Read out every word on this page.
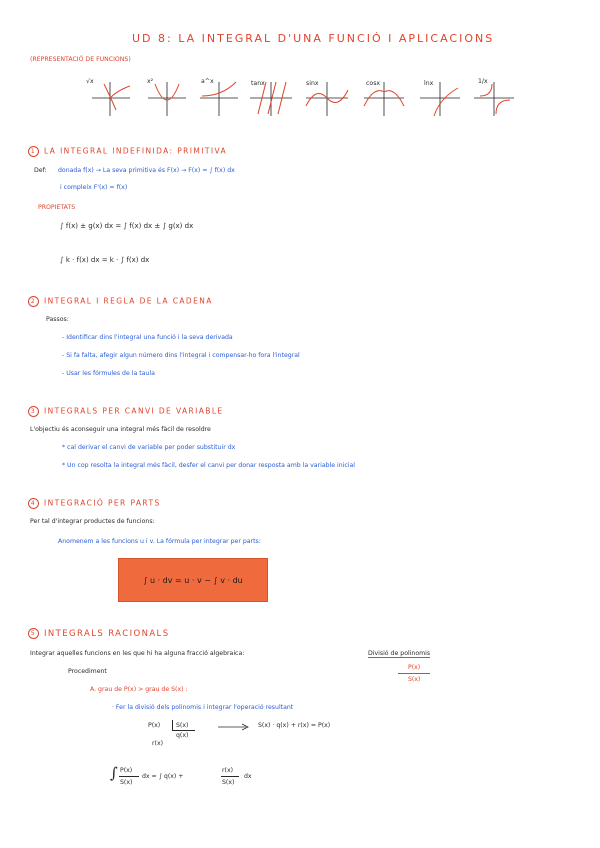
UD 8: LA INTEGRAL D'UNA FUNCIÓ I APLICACIONS
(REPRESENTACIÓ DE FUNCIONS)
√x	x²	a^x	tanx	sinx	cosx	lnx	1/x
1 LA INTEGRAL INDEFINIDA: PRIMITIVA
Def: donada f(x) → La seva primitiva és F(x) → F(x) = ∫ f(x) dx
i compleix F'(x) = f(x)
PROPIETATS
∫ f(x) ± g(x) dx = ∫ f(x) dx ± ∫ g(x) dx
∫ k · f(x) dx = k · ∫ f(x) dx
2 INTEGRAL I REGLA DE LA CADENA
Passos:
- Identificar dins l'integral una funció i la seva derivada
- Si fa falta, afegir algun número dins l'integral i compensar-ho fora l'integral
- Usar les fórmules de la taula
3 INTEGRALS PER CANVI DE VARIABLE
L'objectiu és aconseguir una integral més fàcil de resoldre
* cal derivar el canvi de variable per poder substituir dx
* Un cop resolta la integral més fàcil, desfer el canvi per donar resposta amb la variable inicial
4 INTEGRACIÓ PER PARTS
Per tal d'integrar productes de funcions:
Anomenem a les funcions u i v. La fórmula per integrar per parts:
∫ u · dv = u · v − ∫ v · du
5 INTEGRALS RACIONALS
Integrar aquelles funcions en les que hi ha alguna fracció algebraica:	Divisió de polinomis
P(x)
S(x)
Procediment
A. grau de P(x) > grau de S(x) :
· Fer la divisió dels polinomis i integrar l'operació resultant
P(x)	S(x)
q(x)
r(x)
S(x) · q(x) + r(x) = P(x)
∫ P(x)
S(x)
dx = ∫ q(x) +
r(x)
S(x)
dx
